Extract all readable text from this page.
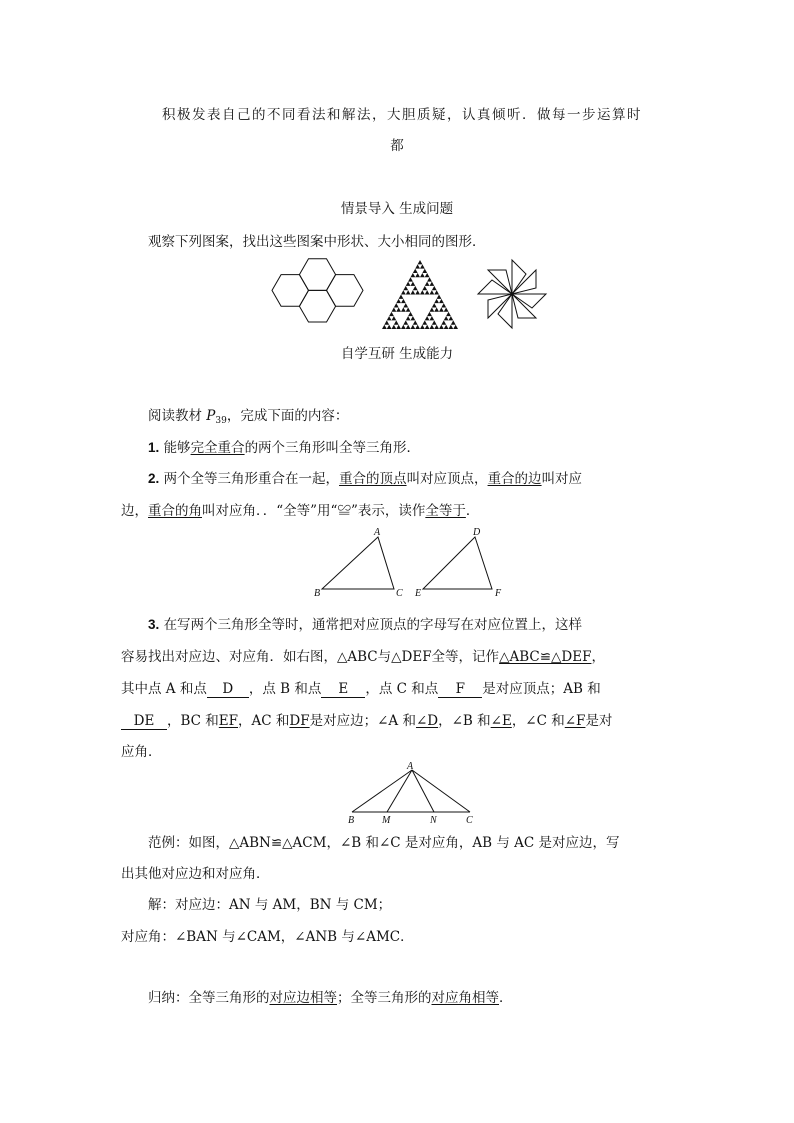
积极发表自己的不同看法和解法，大胆质疑，认真倾听．做每一步运算时
都
情景导入 生成问题
观察下列图案，找出这些图案中形状、大小相同的图形．
自学互研 生成能力
阅读教材 $P_{39}$，完成下面的内容：
1. 能够完全重合的两个三角形叫全等三角形．
2. 两个全等三角形重合在一起，重合的顶点叫对应顶点，重合的边叫对应
边，重合的角叫对应角．．“全等”用“≌”表示，读作全等于．
A
B	C
D
E	F
3. 在写两个三角形全等时，通常把对应顶点的字母写在对应位置上，这样
容易找出对应边、对应角．如右图，△ABC与△DEF全等，记作△ABC≌△DEF，
其中点 A 和点 D ，点 B 和点 E ，点 C 和点 F 是对应顶点；AB 和
DE ，BC 和EF，AC 和DF是对应边；∠A 和∠D，∠B 和∠E，∠C 和∠F是对
应角．
A
B	M	N	C
范例：如图，△ABN≌△ACM，∠B 和∠C 是对应角，AB 与 AC 是对应边，写
出其他对应边和对应角．
解：对应边：AN 与 AM，BN 与 CM；
对应角：∠BAN 与∠CAM，∠ANB 与∠AMC．
归纳：全等三角形的对应边相等；全等三角形的对应角相等．
